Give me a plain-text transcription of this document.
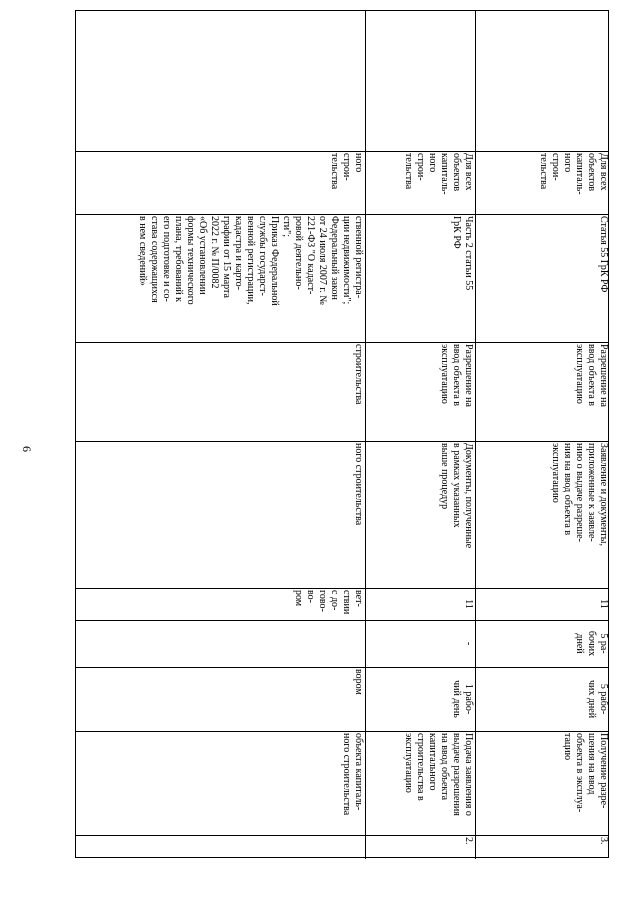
6
ного
строи-
тельства
ственной регистра-
ции недвижимости";
Федеральный закон
от 24 июля 2007 г. №
221-ФЗ "О кадаст-
ровой деятельно-
сти";
Приказ Федеральной
службы государст-
венной регистрации,
кадастра и карто-
графии от 15 марта
2022 г. № П/0082
«Об установлении
формы технического
плана, требований к
его подготовке и со-
става содержащихся
в нем сведений»
строительства
ного строительства
вет-
ствии
с до-
гово-
во-
ром
вором
объекта капиталь-
ного строительства
Для всех
объектов
капиталь-
ного
строи-
тельства
Часть 2 статьи 55
ГрК РФ
Разрешение на
ввод объекта в
эксплуатацию
Документы, полученные
в рамках указанных
выше процедур
11
-
1 рабо-
чий день
Подача заявления о
выдаче разрешения
на ввод объекта
капитального
строительства в
эксплуатацию
2.
Для всех
объектов
капиталь-
ного
строи-
тельства
Статья 55 ГрК РФ
Разрешение на
ввод объекта в
эксплуатацию
Заявление и документы,
приложенные к заявле-
нию о выдаче разреше-
ния на ввод объекта в
эксплуатацию
11
5 ра-
бочих
дней
5 рабо-
чих дней
Получение разре-
шения на ввод
объекта в эксплуа-
тацию
3.
